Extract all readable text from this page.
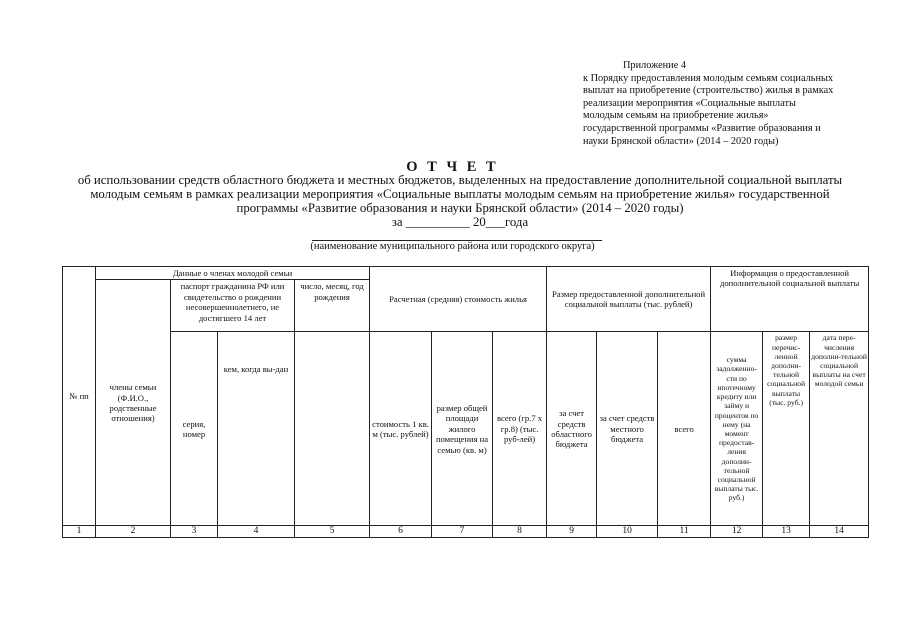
Приложение 4
к Порядку предоставления молодым семьям социальных
выплат на приобретение (строительство) жилья в рамках
реализации мероприятия «Социальные выплаты
молодым семьям на приобретение жилья»
государственной программы «Развитие образования и
науки Брянской области» (2014 – 2020 годы)
О Т Ч Е Т
об использовании средств областного бюджета и местных бюджетов, выделенных на предоставление дополнительной социальной выплаты
молодым семьям в рамках реализации мероприятия «Социальные выплаты молодым семьям на приобретение жилья» государственной
программы «Развитие образования и науки Брянской области» (2014 – 2020 годы)
за __________ 20___года
(наименование муниципального района или городского округа)
№ пп	Данные о членах молодой семьи				Расчетная (средняя) стоимость жилья			Размер предоставленной дополнительной социальной выплаты (тыс. рублей)			Информация о предоставленной дополнительной социальной выплаты		
	члены семьи (Ф.И.О., родственные отношения)	паспорт гражданина РФ или свидетельство о рождении несовершеннолетнего, не достигшего 14 лет		число, месяц, год рождения									
		серия, номер	кем, когда вы-дан		стоимость 1 кв. м (тыс. рублей)	размер общей площади жилого помещения на семью (кв. м)	всего (гр.7 х гр.8) (тыс. руб-лей)	за счет средств областного бюджета	за счет средств местного бюджета	всего	сумма задолженно-сти по ипотечному кредиту или займу и процентов по нему (на момент предостав-ления дополни-тельной социальной выплаты тыс. руб.)	размер перечис-ленной дополни-тельной социальной выплаты (тыс. руб.)	дата пере-числения дополни-тельной социальной выплаты на счет молодой семьи
1	2	3	4	5	6	7	8	9	10	11	12	13	14
